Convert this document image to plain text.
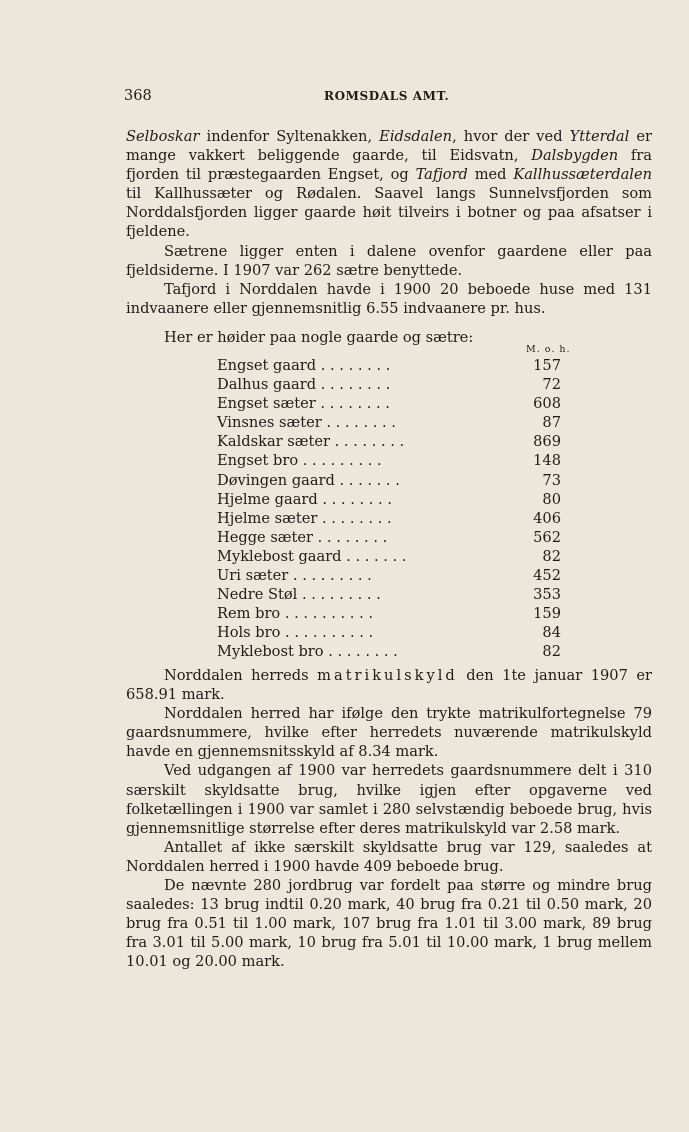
368	ROMSDALS AMT.

Selboskar indenfor Syltenakken, Eidsdalen, hvor der ved Ytterdal er mange vakkert beliggende gaarde, til Eidsvatn, Dalsbygden fra fjorden til præstegaarden Engset, og Tafjord med Kallhussæterdalen til Kallhussæter og Rødalen. Saavel langs Sunnelvsfjorden som Norddalsfjorden ligger gaarde høit tilveirs i botner og paa afsatser i fjeldene.

Sætrene ligger enten i dalene ovenfor gaardene eller paa fjeldsiderne. I 1907 var 262 sætre benyttede.

Tafjord i Norddalen havde i 1900 20 beboede huse med 131 indvaanere eller gjennemsnitlig 6.55 indvaanere pr. hus.

Her er høider paa nogle gaarde og sætre:

M. o. h.
Engset gaard . . . . . . . .	157
Dalhus gaard . . . . . . . .	72
Engset sæter . . . . . . . .	608
Vinsnes sæter . . . . . . . .	87
Kaldskar sæter . . . . . . . .	869
Engset bro . . . . . . . . .	148
Døvingen gaard . . . . . . .	73
Hjelme gaard . . . . . . . .	80
Hjelme sæter . . . . . . . .	406
Hegge sæter . . . . . . . .	562
Myklebost gaard . . . . . . .	82
Uri sæter . . . . . . . . .	452
Nedre Støl . . . . . . . . .	353
Rem bro . . . . . . . . . .	159
Hols bro . . . . . . . . . .	84
Myklebost bro . . . . . . . .	82

Norddalen herreds matrikulskyld den 1te januar 1907 er 658.91 mark.

Norddalen herred har ifølge den trykte matrikulfortegnelse 79 gaardsnummere, hvilke efter herredets nuværende matrikulskyld havde en gjennemsnitsskyld af 8.34 mark.

Ved udgangen af 1900 var herredets gaardsnummere delt i 310 særskilt skyldsatte brug, hvilke igjen efter opgaverne ved folketællingen i 1900 var samlet i 280 selvstændig beboede brug, hvis gjennemsnitlige størrelse efter deres matrikulskyld var 2.58 mark.

Antallet af ikke særskilt skyldsatte brug var 129, saaledes at Norddalen herred i 1900 havde 409 beboede brug.

De nævnte 280 jordbrug var fordelt paa større og mindre brug saaledes: 13 brug indtil 0.20 mark, 40 brug fra 0.21 til 0.50 mark, 20 brug fra 0.51 til 1.00 mark, 107 brug fra 1.01 til 3.00 mark, 89 brug fra 3.01 til 5.00 mark, 10 brug fra 5.01 til 10.00 mark, 1 brug mellem 10.01 og 20.00 mark.
